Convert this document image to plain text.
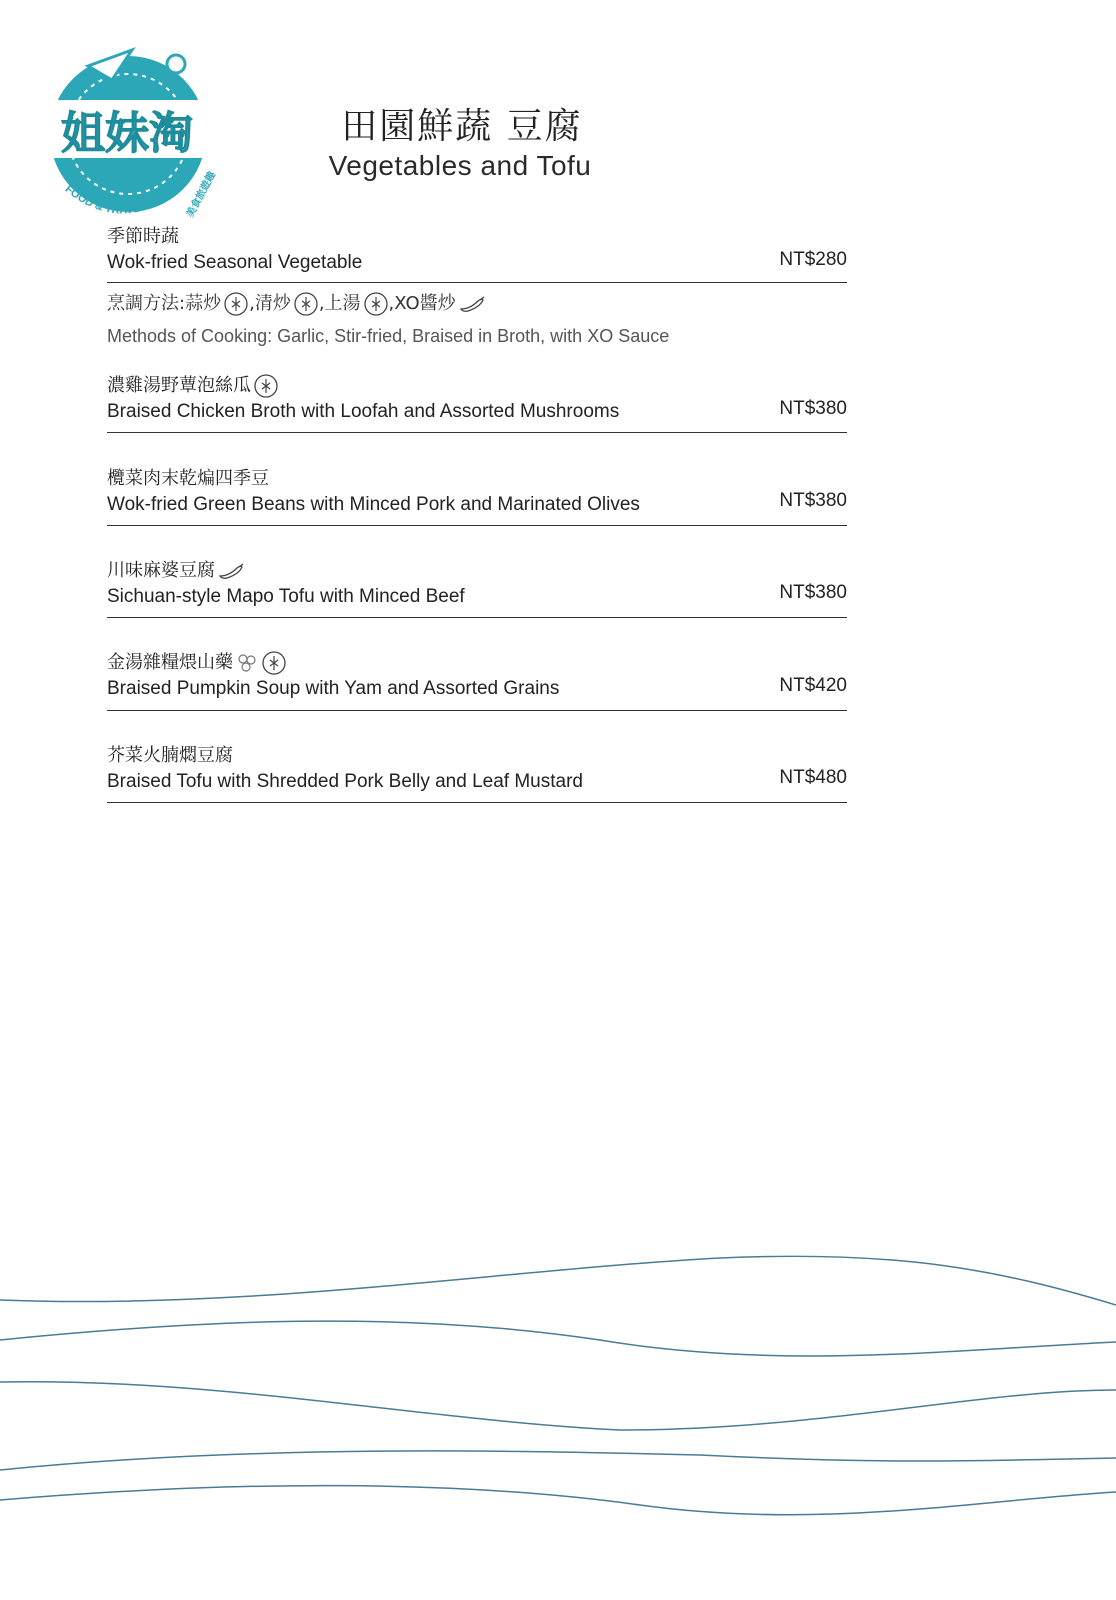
姐妹淘
FOOD & TRAVEL	美食旅遊趣
田園鮮蔬 豆腐
Vegetables and Tofu
季節時蔬
Wok-fried Seasonal Vegetable	NT$280
烹調方法: 蒜炒 , 清炒 , 上湯 , XO醬炒
Methods of Cooking: Garlic, Stir-fried, Braised in Broth, with XO Sauce
濃雞湯野蕈泡絲瓜
Braised Chicken Broth with Loofah and Assorted Mushrooms	NT$380
欖菜肉末乾煸四季豆
Wok-fried Green Beans with Minced Pork and Marinated Olives	NT$380
川味麻婆豆腐
Sichuan-style Mapo Tofu with Minced Beef	NT$380
金湯雜糧煨山藥
Braised Pumpkin Soup with Yam and Assorted Grains	NT$420
芥菜火腩燜豆腐
Braised Tofu with Shredded Pork Belly and Leaf Mustard	NT$480
